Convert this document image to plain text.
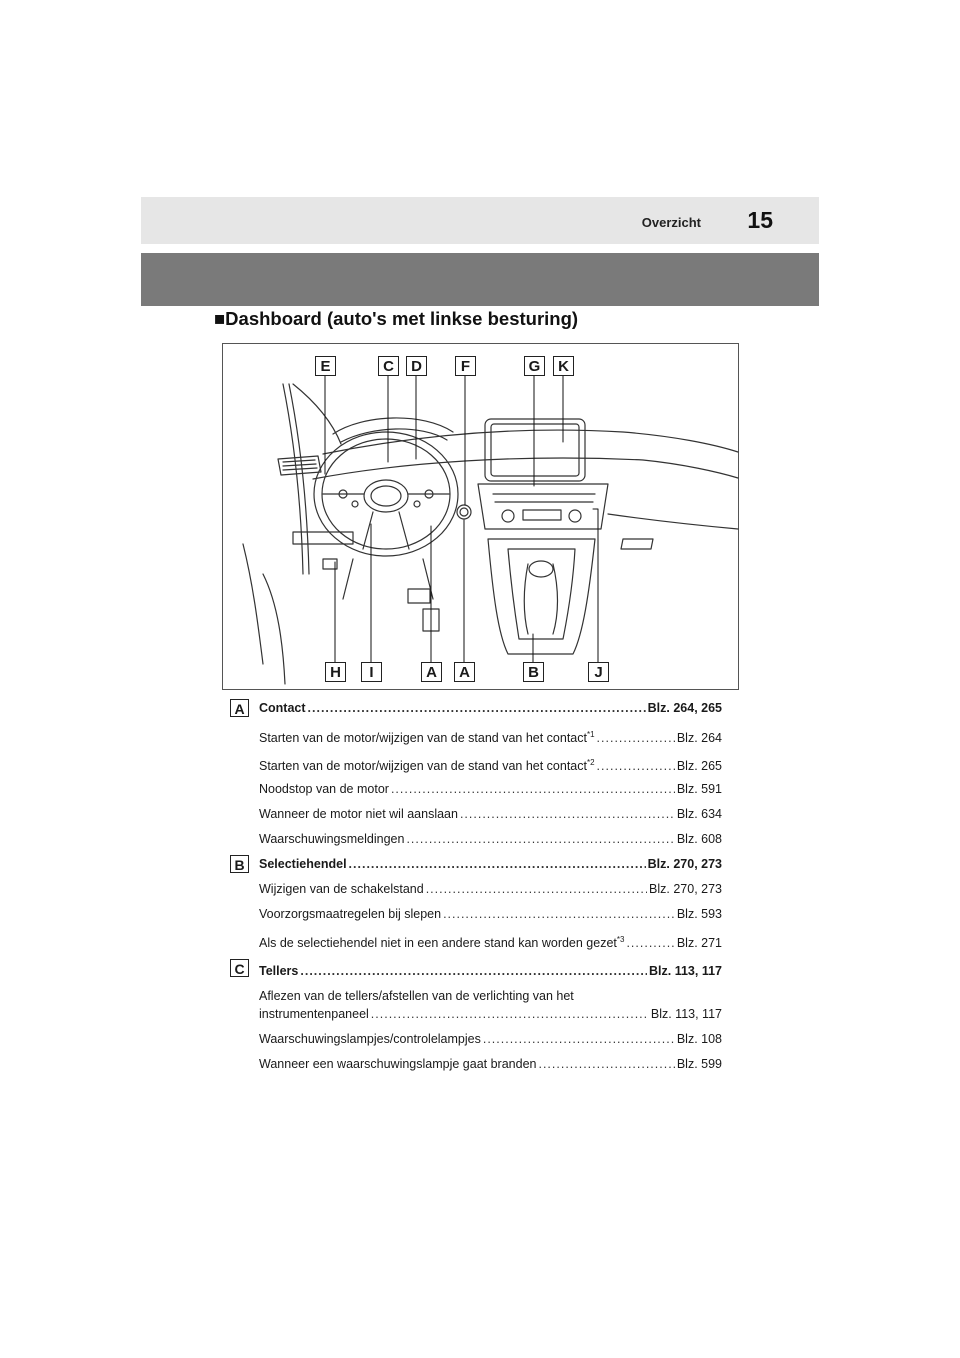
Overzicht 15
■Dashboard (auto's met linkse besturing)
E	C	D	F	G	K
H	I	A	A	B	J
A	Contact .....	Blz. 264, 265
Starten van de motor/wijzigen van de stand van het contact$^{*1}$ .....	Blz. 264
Starten van de motor/wijzigen van de stand van het contact$^{*2}$ .....	Blz. 265
Noodstop van de motor .....	Blz. 591
Wanneer de motor niet wil aanslaan .....	Blz. 634
Waarschuwingsmeldingen .....	Blz. 608
B	Selectiehendel .....	Blz. 270, 273
Wijzigen van de schakelstand .....	Blz. 270, 273
Voorzorgsmaatregelen bij slepen .....	Blz. 593
Als de selectiehendel niet in een andere stand kan worden gezet$^{*3}$ .....	Blz. 271
C	Tellers .....	Blz. 113, 117
Aflezen van de tellers/afstellen van de verlichting van het
instrumentenpaneel .....	Blz. 113, 117
Waarschuwingslampjes/controlelampjes .....	Blz. 108
Wanneer een waarschuwingslampje gaat branden .....	Blz. 599
